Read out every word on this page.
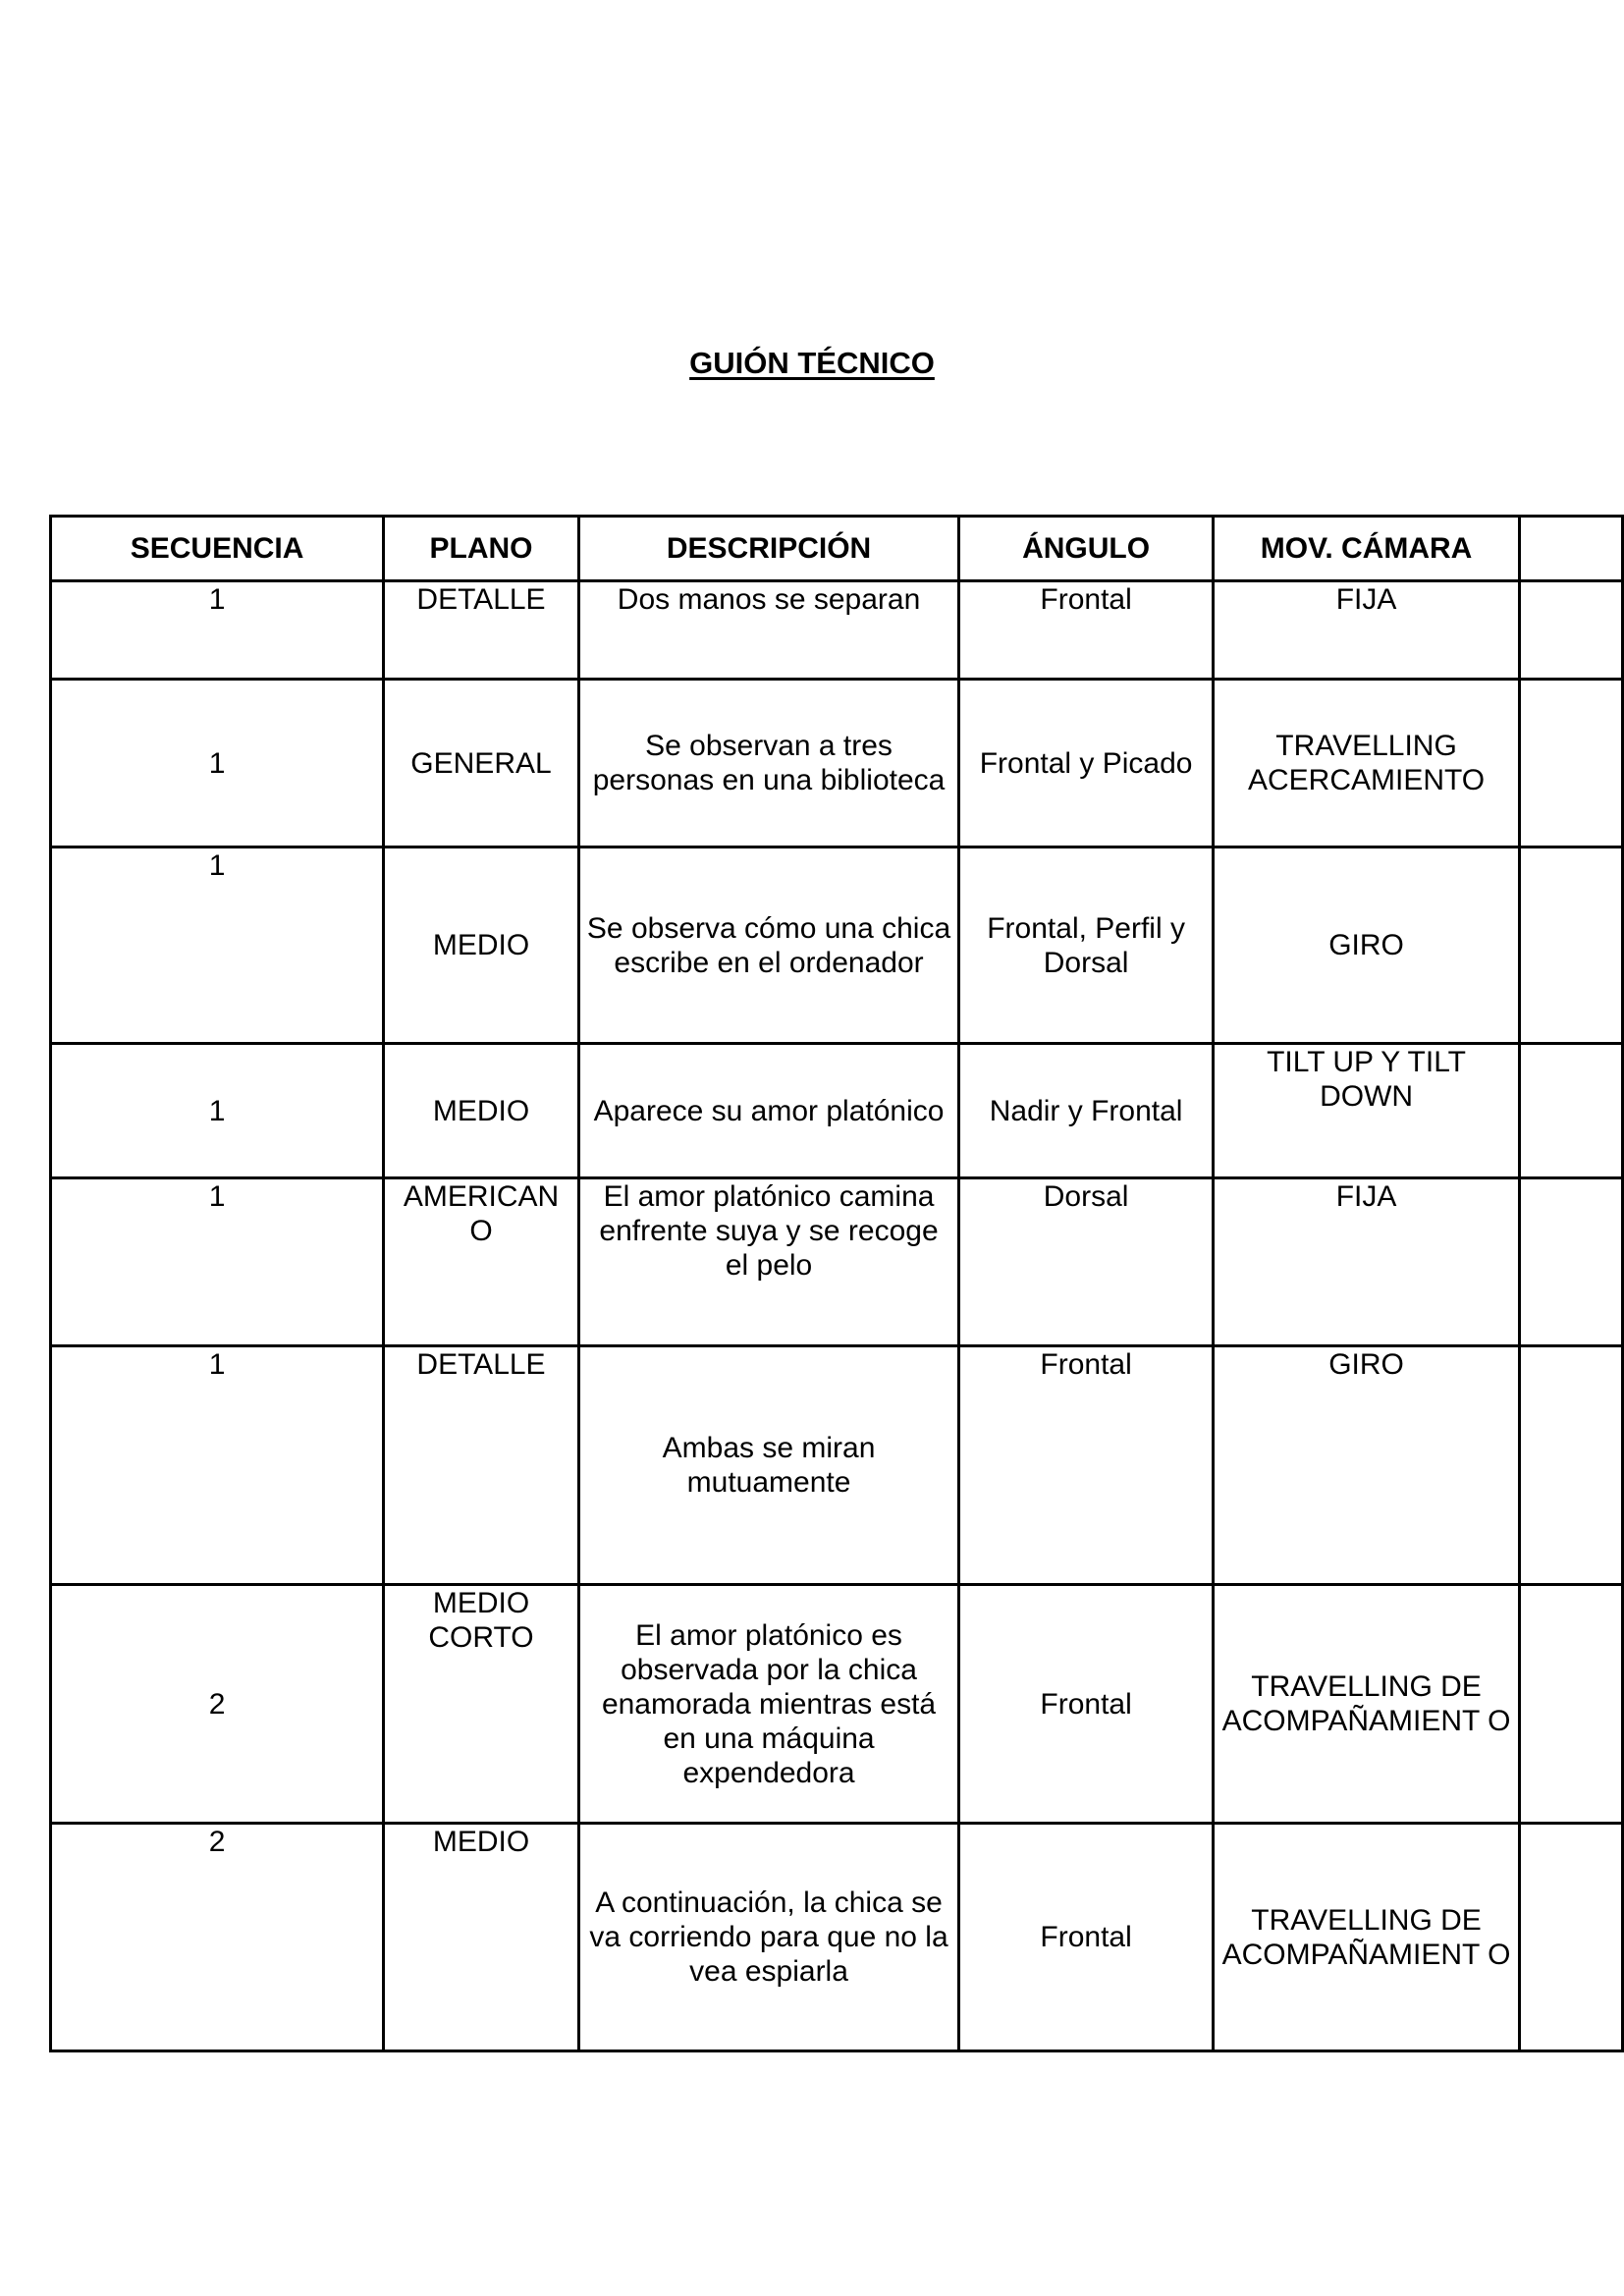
GUIÓN TÉCNICO
SECUENCIA	PLANO	DESCRIPCIÓN	ÁNGULO	MOV. CÁMARA	
1	DETALLE	Dos manos se separan	Frontal	FIJA	
1	GENERAL	Se observan a tres personas en una biblioteca	Frontal y Picado	TRAVELLING ACERCAMIENTO	
1	MEDIO	Se observa cómo una chica escribe en el ordenador	Frontal, Perfil y Dorsal	GIRO	
1	MEDIO	Aparece su amor platónico	Nadir y Frontal	TILT UP Y TILT DOWN	
1	AMERICAN O	El amor platónico camina enfrente suya y se recoge el pelo	Dorsal	FIJA	
1	DETALLE	Ambas se miran mutuamente	Frontal	GIRO	
2	MEDIO CORTO	El amor platónico es observada por la chica enamorada mientras está en una máquina expendedora	Frontal	TRAVELLING DE ACOMPAÑAMIENT O	
2	MEDIO	A continuación, la chica se va corriendo para que no la vea espiarla	Frontal	TRAVELLING DE ACOMPAÑAMIENT O	
